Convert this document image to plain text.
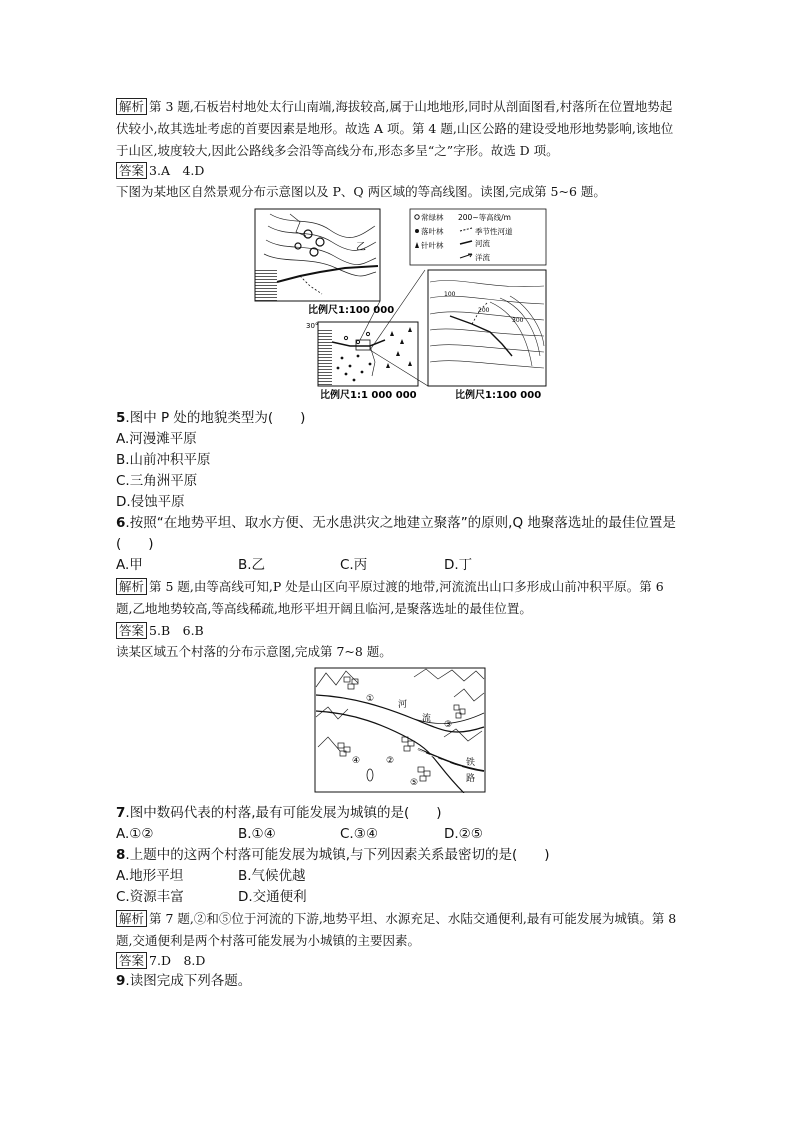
解析 第 3 题,石板岩村地处太行山南端,海拔较高,属于山地地形,同时从剖面图看,村落所在位置地势起伏较小,故其选址考虑的首要因素是地形。故选 A 项。第 4 题,山区公路的建设受地形地势影响,该地位于山区,坡度较大,因此公路线多会沿等高线分布,形态多呈“之”字形。故选 D 项。
答案 3.A　4.D
下图为某地区自然景观分布示意图以及 P、Q 两区域的等高线图。读图,完成第 5~6 题。
乙
常绿林 200~等高线/m
落叶林	季节性河道
针叶林	河流
洋流
比例尺1:100 000
30°
比例尺1:1 000 000
100
200
300
比例尺1:100 000
5.图中 P 处的地貌类型为(　　)
A.河漫滩平原
B.山前冲积平原
C.三角洲平原
D.侵蚀平原
6.按照“在地势平坦、取水方便、无水患洪灾之地建立聚落”的原则,Q 地聚落选址的最佳位置是
(　　)
A.甲	B.乙	C.丙	D.丁
解析 第 5 题,由等高线可知,P 处是山区向平原过渡的地带,河流流出山口多形成山前冲积平原。第 6 题,乙地地势较高,等高线稀疏,地形平坦开阔且临河,是聚落选址的最佳位置。
答案 5.B　6.B
读某区域五个村落的分布示意图,完成第 7~8 题。
①
②
③
④
⑤
河
流
铁
路
7.图中数码代表的村落,最有可能发展为城镇的是(　　)
A.①②	B.①④	C.③④	D.②⑤
8.上题中的这两个村落可能发展为城镇,与下列因素关系最密切的是(　　)
A.地形平坦	B.气候优越
C.资源丰富	D.交通便利
解析 第 7 题,②和⑤位于河流的下游,地势平坦、水源充足、水陆交通便利,最有可能发展为城镇。第 8 题,交通便利是两个村落可能发展为小城镇的主要因素。
答案 7.D　8.D
9.读图完成下列各题。
